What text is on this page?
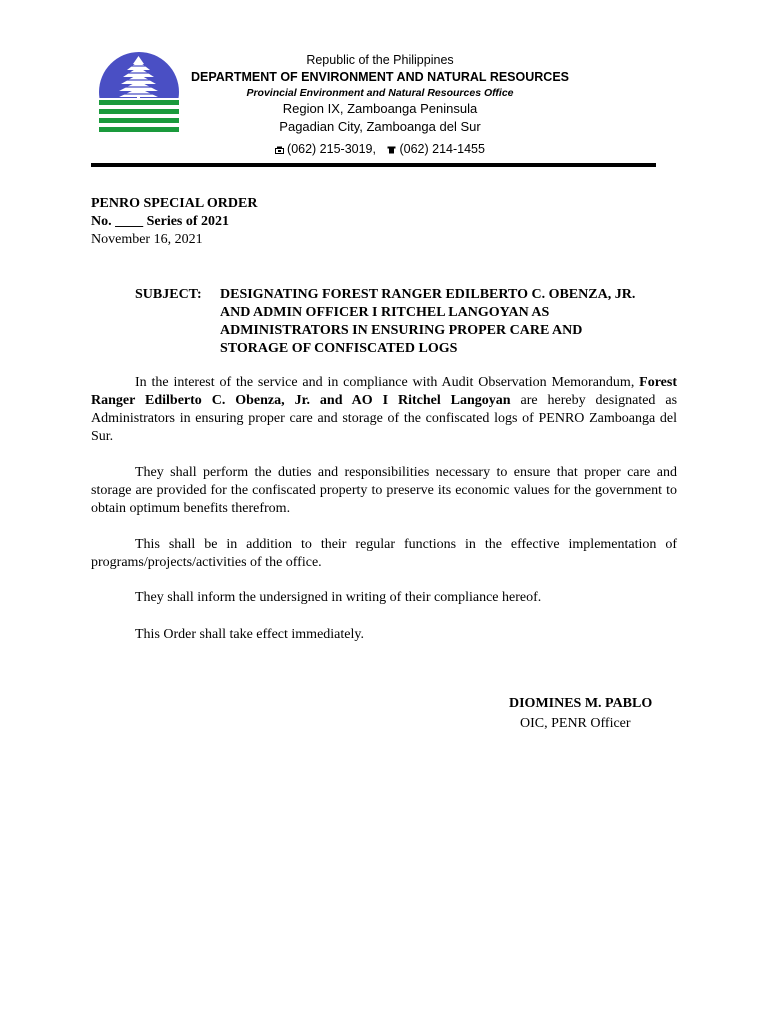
Republic of the Philippines
DEPARTMENT OF ENVIRONMENT AND NATURAL RESOURCES
Provincial Environment and Natural Resources Office
Region IX, Zamboanga Peninsula
Pagadian City, Zamboanga del Sur
(062) 215-3019, (062) 214-1455
PENRO SPECIAL ORDER
No. ____ Series of 2021
November 16, 2021
SUBJECT:	DESIGNATING FOREST RANGER EDILBERTO C. OBENZA, JR.
AND ADMIN OFFICER I RITCHEL LANGOYAN AS
ADMINISTRATORS IN ENSURING PROPER CARE AND
STORAGE OF CONFISCATED LOGS
In the interest of the service and in compliance with Audit Observation Memorandum, Forest Ranger Edilberto C. Obenza, Jr. and AO I Ritchel Langoyan are hereby designated as Administrators in ensuring proper care and storage of the confiscated logs of PENRO Zamboanga del Sur.
They shall perform the duties and responsibilities necessary to ensure that proper care and storage are provided for the confiscated property to preserve its economic values for the government to obtain optimum benefits therefrom.
This shall be in addition to their regular functions in the effective implementation of programs/projects/activities of the office.
They shall inform the undersigned in writing of their compliance hereof.
This Order shall take effect immediately.
DIOMINES M. PABLO
OIC, PENR Officer
